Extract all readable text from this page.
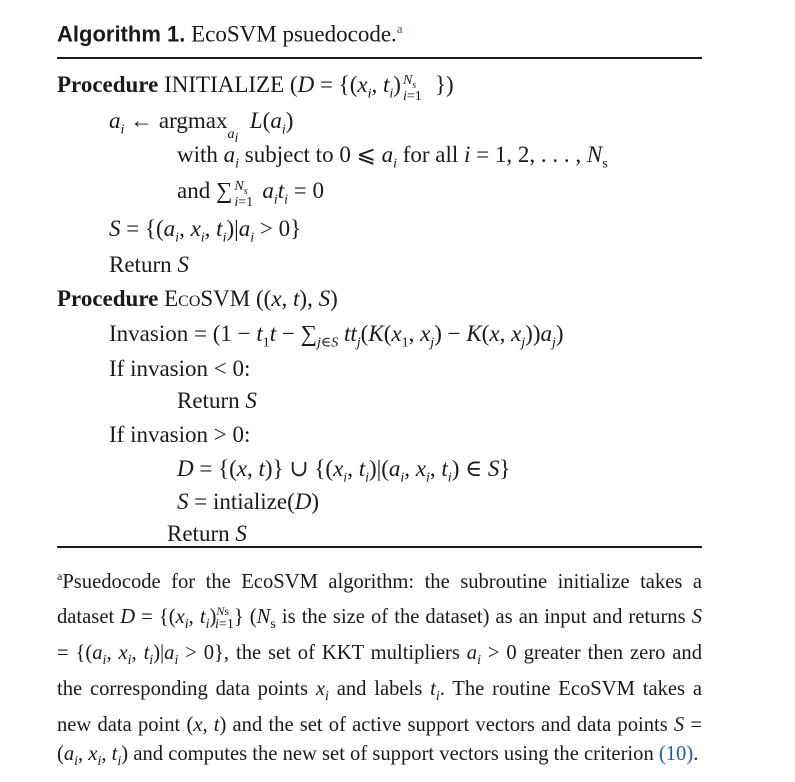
Algorithm 1. EcoSVM psuedocode.$^a$
Procedure INITIALIZE ($D = \{(x_i$, $t_i$) $N_s$
i=1 })
$a_i$ ← argmax$_{a_i}$  $L(a_i)$
with $a_i$ subject to 0 ⩽ $a_i$ for all i = 1, 2, . . . , $N_s$
and ∑ $N_s$
i=1 $a_it_i = 0$
$S = \{(a_i$, $x_i$, $t_i)|a_i > 0$}
Return S
Procedure EcoSVM ((x, t), S)
Invasion = ($1 - t_1t - \sum_{j\in S}$ $tt_j(K(x_1$, $x_j) - K(x$, $x_j))a_j$)
If invasion < 0:
Return S
If invasion > 0:
D = {(x, t)} ∪ {($x_i$, $t_i)|(a_i$, $x_i$, $t_i$) ∈ S}
S = intialize(D)
Return S
$^a$Psuedocode for the EcoSVM algorithm: the subroutine initialize takes a dataset $D = \{(x_i$, $t_i)^{Ns}_{i=1}$} ($N_s$ is the size of the dataset) as an input and returns $S = \{(a_i$, $x_i$, $t_i)|a_i > 0$}, the set of KKT multipliers $a_i > 0$ greater then zero and the corresponding data points $x_i$ and labels $t_i$. The routine EcoSVM takes a new data point (x, t) and the set of active support vectors and data points $S = (a_i$, $x_i$, $t_i$) and computes the new set of support vectors using the criterion (10).
